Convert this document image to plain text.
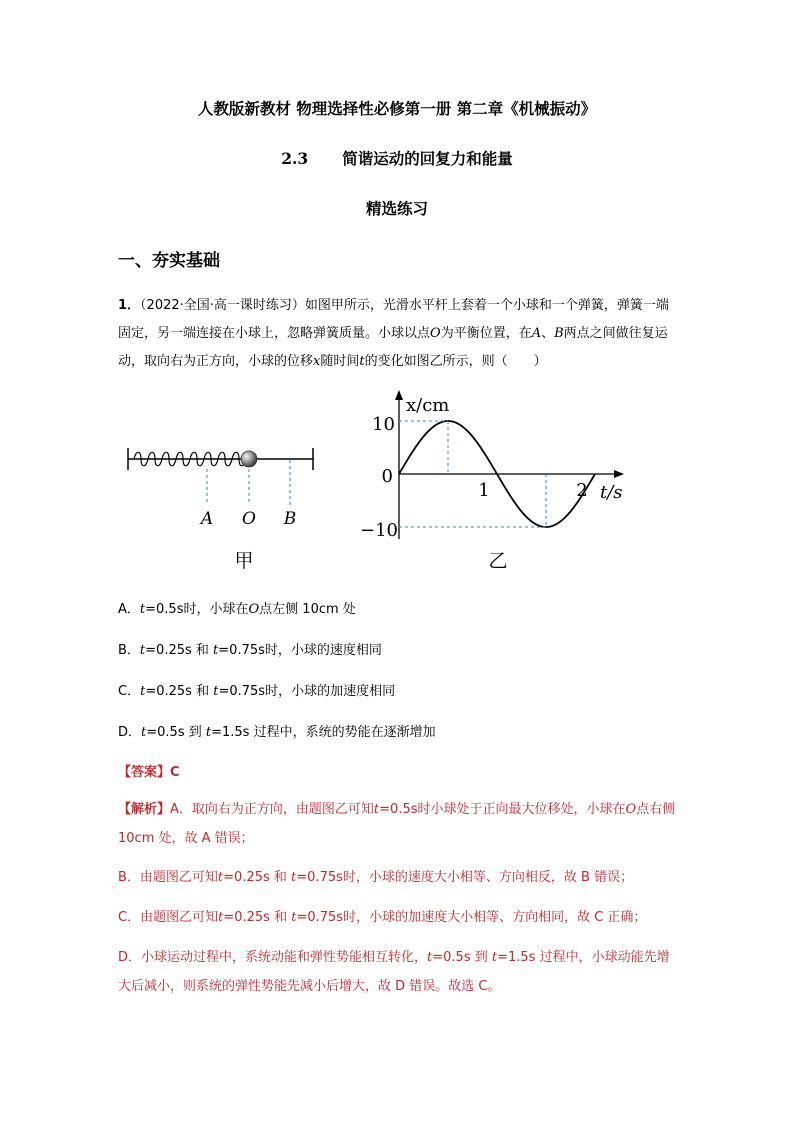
人教版新教材 物理选择性必修第一册 第二章《机械振动》
2.3 简谐运动的回复力和能量
精选练习
一、夯实基础
1．（2022·全国·高一课时练习）如图甲所示，光滑水平杆上套着一个小球和一个弹簧，弹簧一端固定，另一端连接在小球上，忽略弹簧质量。小球以点O为平衡位置，在A、B两点之间做往复运动，取向右为正方向，小球的位移x随时间t的变化如图乙所示，则（　　）
A O B
甲
x/cm
t/s
0
10
−10
1	2
乙
A．t=0.5s时，小球在O点左侧 10cm 处
B．t=0.25s 和 t=0.75s时，小球的速度相同
C．t=0.25s 和 t=0.75s时，小球的加速度相同
D．t=0.5s 到 t=1.5s 过程中，系统的势能在逐渐增加
【答案】C
【解析】A．取向右为正方向，由题图乙可知t=0.5s时小球处于正向最大位移处，小球在O点右侧 10cm 处，故 A 错误；
B．由题图乙可知t=0.25s 和 t=0.75s时，小球的速度大小相等、方向相反，故 B 错误；
C．由题图乙可知t=0.25s 和 t=0.75s时，小球的加速度大小相等、方向相同，故 C 正确；
D．小球运动过程中，系统动能和弹性势能相互转化，t=0.5s 到 t=1.5s 过程中，小球动能先增大后减小，则系统的弹性势能先减小后增大，故 D 错误。故选 C。
